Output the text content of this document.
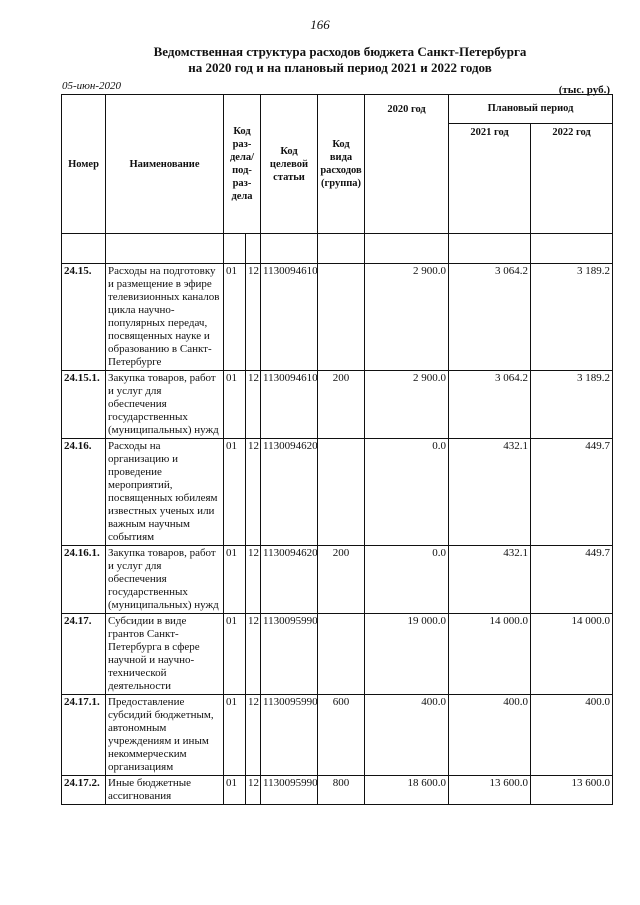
166
Ведомственная структура расходов бюджета Санкт-Петербурга
на 2020 год и на плановый период 2021 и 2022 годов
05-июн-2020	(тыс. руб.)
Номер	Наименование	Код раз-дела/ под-раз-дела		Код целевой статьи	Код вида расходов (группа)	2020 год	Плановый период	
							2021 год	2022 год

24.15.	Расходы на подготовку и размещение в эфире телевизионных каналов цикла научно-популярных передач, посвященных науке и образованию в Санкт-Петербурге	01	12	1130094610		2 900.0	3 064.2	3 189.2
24.15.1.	Закупка товаров, работ и услуг для обеспечения государственных (муниципальных) нужд	01	12	1130094610	200	2 900.0	3 064.2	3 189.2
24.16.	Расходы на организацию и проведение мероприятий, посвященных юбилеям известных ученых или важным научным событиям	01	12	1130094620		0.0	432.1	449.7
24.16.1.	Закупка товаров, работ и услуг для обеспечения государственных (муниципальных) нужд	01	12	1130094620	200	0.0	432.1	449.7
24.17.	Субсидии в виде грантов Санкт-Петербурга в сфере научной и научно-технической деятельности	01	12	1130095990		19 000.0	14 000.0	14 000.0
24.17.1.	Предоставление субсидий бюджетным, автономным учреждениям и иным некоммерческим организациям	01	12	1130095990	600	400.0	400.0	400.0
24.17.2.	Иные бюджетные ассигнования	01	12	1130095990	800	18 600.0	13 600.0	13 600.0
